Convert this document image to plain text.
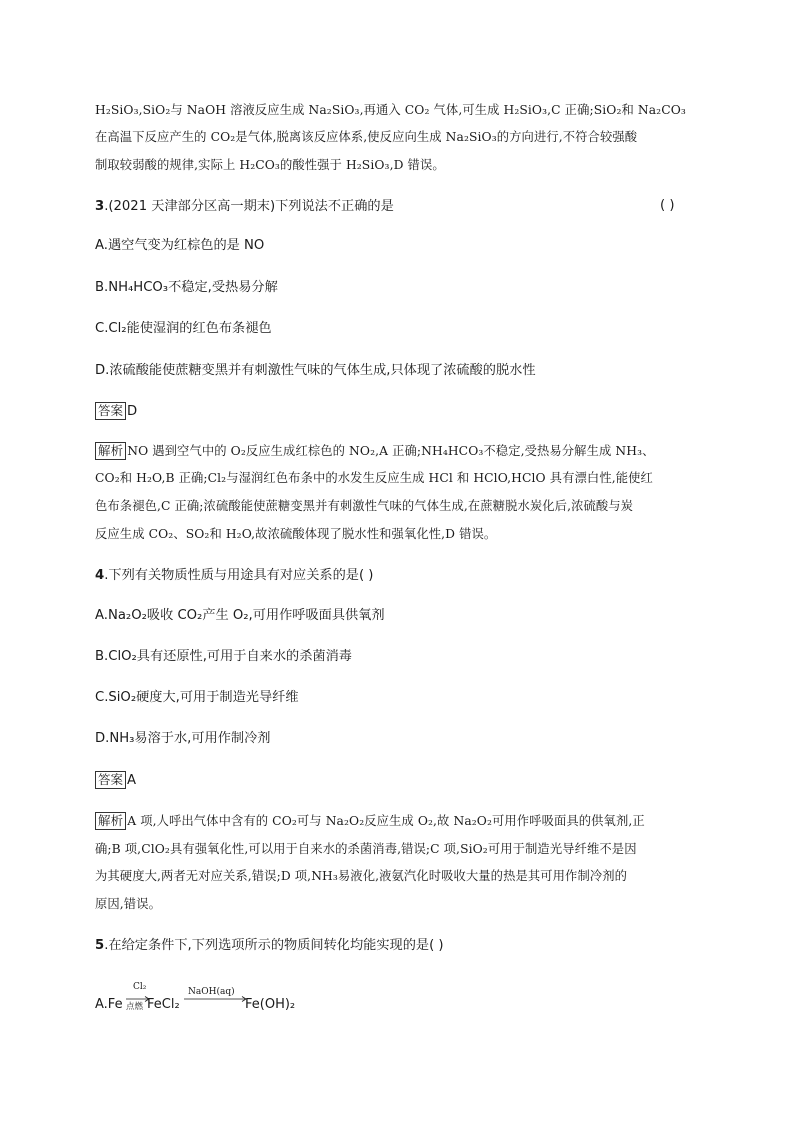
H₂SiO₃,SiO₂与 NaOH 溶液反应生成 Na₂SiO₃,再通入 CO₂ 气体,可生成 H₂SiO₃,C 正确;SiO₂和 Na₂CO₃
在高温下反应产生的 CO₂是气体,脱离该反应体系,使反应向生成 Na₂SiO₃的方向进行,不符合较强酸
制取较弱酸的规律,实际上 H₂CO₃的酸性强于 H₂SiO₃,D 错误。
3.(2021 天津部分区高一期末)下列说法不正确的是	( )
A.遇空气变为红棕色的是 NO
B.NH₄HCO₃不稳定,受热易分解
C.Cl₂能使湿润的红色布条褪色
D.浓硫酸能使蔗糖变黑并有刺激性气味的气体生成,只体现了浓硫酸的脱水性
答案 D
解析 NO 遇到空气中的 O₂反应生成红棕色的 NO₂,A 正确;NH₄HCO₃不稳定,受热易分解生成 NH₃、
CO₂和 H₂O,B 正确;Cl₂与湿润红色布条中的水发生反应生成 HCl 和 HClO,HClO 具有漂白性,能使红
色布条褪色,C 正确;浓硫酸能使蔗糖变黑并有刺激性气味的气体生成,在蔗糖脱水炭化后,浓硫酸与炭
反应生成 CO₂、SO₂和 H₂O,故浓硫酸体现了脱水性和强氧化性,D 错误。
4.下列有关物质性质与用途具有对应关系的是( )
A.Na₂O₂吸收 CO₂产生 O₂,可用作呼吸面具供氧剂
B.ClO₂具有还原性,可用于自来水的杀菌消毒
C.SiO₂硬度大,可用于制造光导纤维
D.NH₃易溶于水,可用作制冷剂
答案 A
解析 A 项,人呼出气体中含有的 CO₂可与 Na₂O₂反应生成 O₂,故 Na₂O₂可用作呼吸面具的供氧剂,正
确;B 项,ClO₂具有强氧化性,可以用于自来水的杀菌消毒,错误;C 项,SiO₂可用于制造光导纤维不是因
为其硬度大,两者无对应关系,错误;D 项,NH₃易液化,液氨汽化时吸收大量的热是其可用作制冷剂的
原因,错误。
5.在给定条件下,下列选项所示的物质间转化均能实现的是( )
A.Fe
Cl₂
点燃 FeCl₂
NaOH(aq)
Fe(OH)₂
